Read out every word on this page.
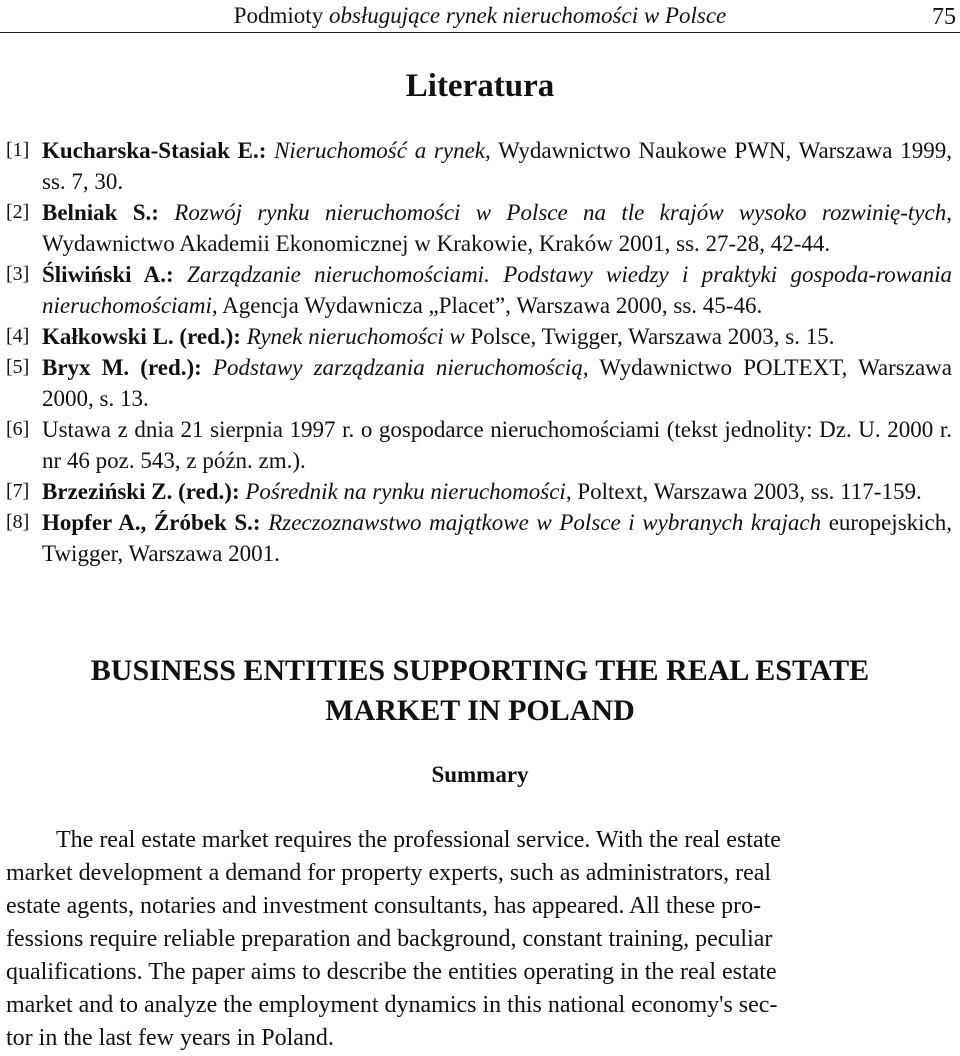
Podmioty obsługujące rynek nieruchomości w Polsce	75
Literatura
[1] Kucharska-Stasiak E.: Nieruchomość a rynek, Wydawnictwo Naukowe PWN, Warszawa 1999, ss. 7, 30.
[2] Belniak S.: Rozwój rynku nieruchomości w Polsce na tle krajów wysoko rozwinię-tych, Wydawnictwo Akademii Ekonomicznej w Krakowie, Kraków 2001, ss. 27-28, 42-44.
[3] Śliwiński A.: Zarządzanie nieruchomościami. Podstawy wiedzy i praktyki gospoda-rowania nieruchomościami, Agencja Wydawnicza „Placet”, Warszawa 2000, ss. 45-46.
[4] Kałkowski L. (red.): Rynek nieruchomości w Polsce, Twigger, Warszawa 2003, s. 15.
[5] Bryx M. (red.): Podstawy zarządzania nieruchomością, Wydawnictwo POLTEXT, Warszawa 2000, s. 13.
[6] Ustawa z dnia 21 sierpnia 1997 r. o gospodarce nieruchomościami (tekst jednolity: Dz. U. 2000 r. nr 46 poz. 543, z późn. zm.).
[7] Brzeziński Z. (red.): Pośrednik na rynku nieruchomości, Poltext, Warszawa 2003, ss. 117-159.
[8] Hopfer A., Źróbek S.: Rzeczoznawstwo majątkowe w Polsce i wybranych krajach europejskich, Twigger, Warszawa 2001.
BUSINESS ENTITIES SUPPORTING THE REAL ESTATE
MARKET IN POLAND
Summary
The real estate market requires the professional service. With the real estate
market development a demand for property experts, such as administrators, real
estate agents, notaries and investment consultants, has appeared. All these pro-
fessions require reliable preparation and background, constant training, peculiar
qualifications. The paper aims to describe the entities operating in the real estate
market and to analyze the employment dynamics in this national economy's sec-
tor in the last few years in Poland.
